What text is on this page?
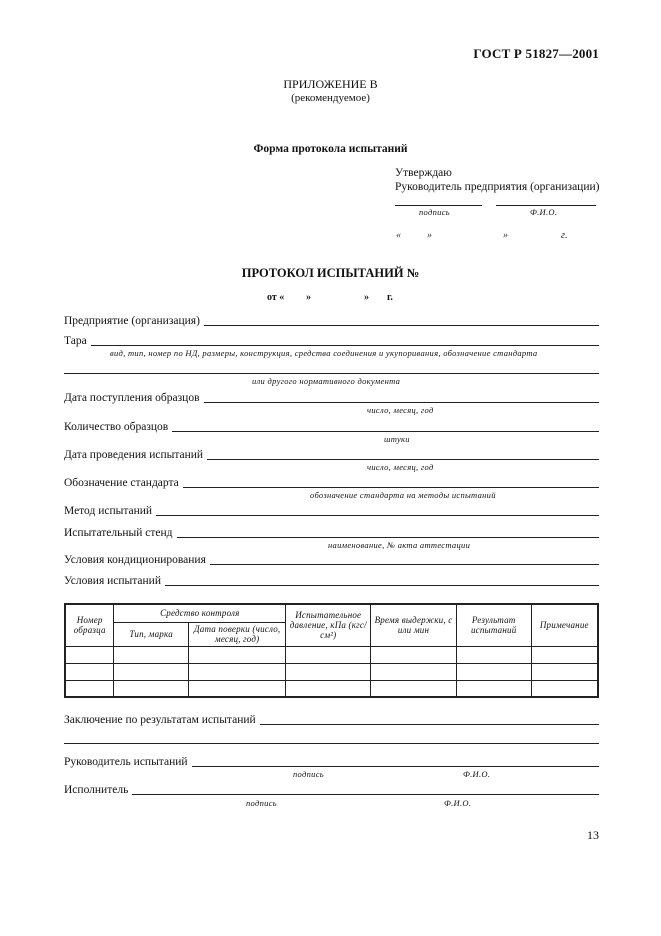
ГОСТ Р 51827—2001
ПРИЛОЖЕНИЕ В
(рекомендуемое)
Форма протокола испытаний
Утверждаю
Руководитель предприятия (организации)
подпись	Ф.И.О.
«	»	»	г.
ПРОТОКОЛ ИСПЫТАНИЙ №
от « »	» г.
Предприятие (организация)
Тара
вид, тип, номер по НД, размеры, конструкция, средства соединения и укупоривания, обозначение стандарта
или другого нормативного документа
Дата поступления образцов
число, месяц, год
Количество образцов
штуки
Дата проведения испытаний
число, месяц, год
Обозначение стандарта
обозначение стандарта на методы испытаний
Метод испытаний
Испытательный стенд
наименование, № акта аттестации
Условия кондиционирования
Условия испытаний
Номер образца	Средство контроля		Испытательное давление, кПа (кгс/см²)	Время выдержки, с или мин	Результат испытаний	Примечание
	Тип, марка	Дата поверки (число, месяц, год)				

Заключение по результатам испытаний
Руководитель испытаний
подпись	Ф.И.О.
Исполнитель
подпись	Ф.И.О.
13
